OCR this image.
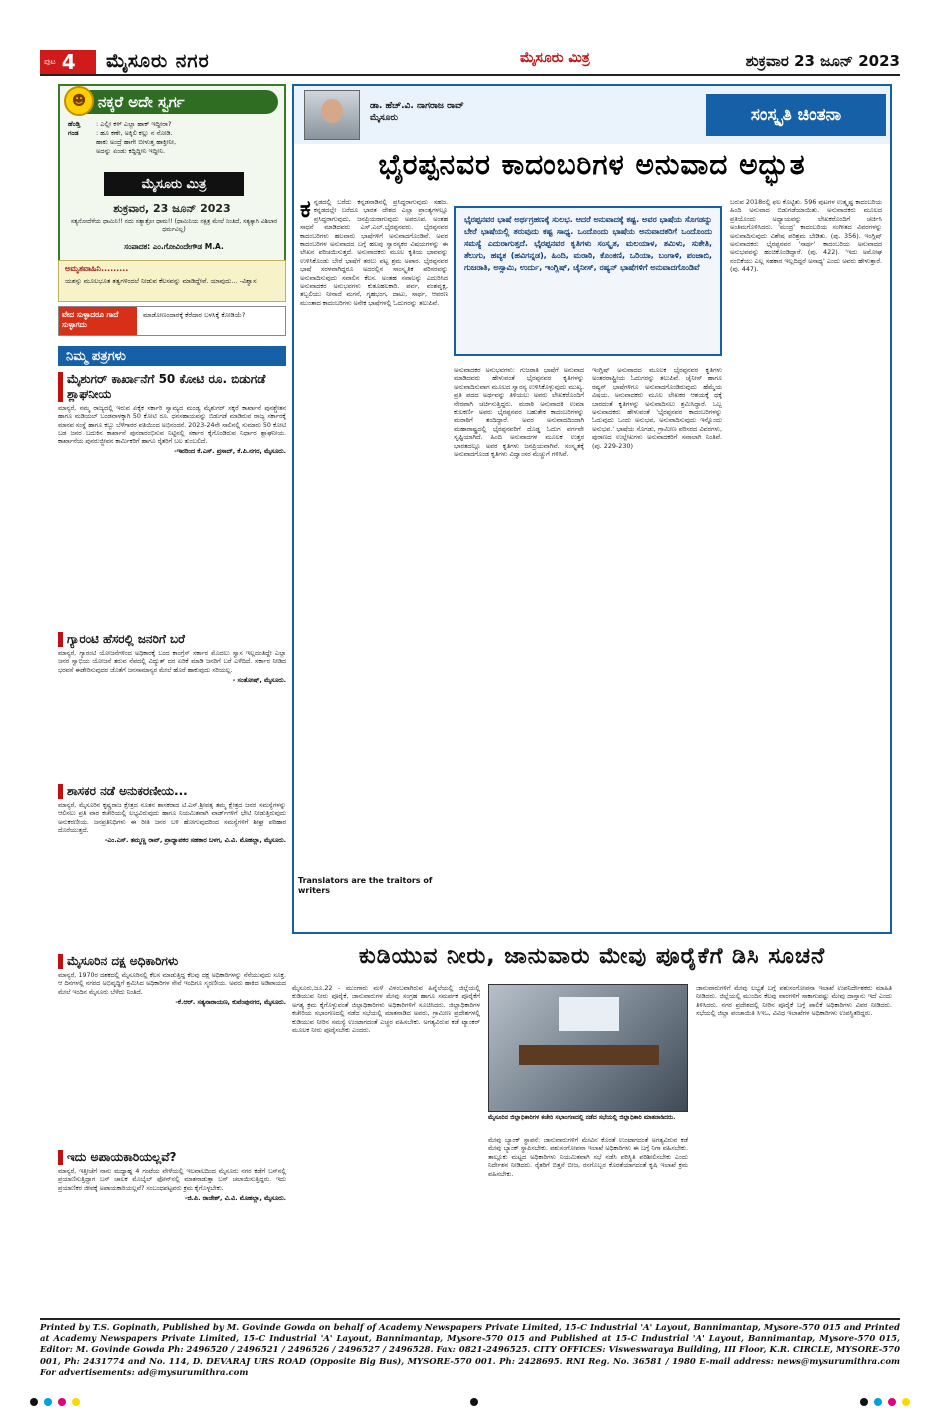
ಪುಟ 4 ಮೈಸೂರು ನಗರ	ಮೈಸೂರು ಮಿತ್ರ	ಶುಕ್ರವಾರ 23 ಜೂನ್ 2023
☻ ನಕ್ಕರೆ ಅದೇ ಸ್ವರ್ಗ
ಹೆಂಡ್ತಿ	: ಎಲ್ಲೀ ಕಳ್ ಎಲ್ಲಾ ಹಾಕ್ ಇದ್ದೀರಾ?
ಗಂಡ	: ಹೂ ಕಣೇ, ಅಕ್ಕಿಲಿ ಕಲ್ಲು ನ ನೋಡಿ.
ಹಾಕು ಅಂದ್ರೆ ಹಾಗೇ ಬೀಳುತ್ತ ಹಾಕ್ತೀನೀ,
ಅದನ್ನು ಏಂಡು ಕದ್ದಿದ್ದೀನಿ ಇದ್ದೀನಿ.
ಮೈಸೂರು ಮಿತ್ರ
ಶುಕ್ರವಾರ, 23 ಜೂನ್ 2023
ಸತ್ಯನೋದೆಳೆಯ ಧಾಮಿನಿ!! ನದು ಸತ್ಯಾತ್ರೋ ಧಾಮ!! (ಧಾಮಿನಿಯ ನಕ್ಷತ್ರ ಮೇಲೆ ನಿಂತಿದೆ, ಸತ್ಯಕ್ಕಾಗಿ ವಿಶಿಲಾರ ಧರ್ಮವಿಲ್ಲ)
ಸಂಪಾದಕ: ಎಂ.ಗೋವಿಂದೇಗೌಡ M.A.
ಅಮೃತವಾಹಿನಿ.........
ಯಶಸ್ಸು ಮೂಲಭೂತ ತತ್ವಗಳಿಂದಲೆ ನೀಡುವ ಕೆಲಸವನ್ನು ಮಾಡಿದ್ದೇವೆ. ಯಾವುದು... -ವಿಶ್ವಾಸ
ವೇದ ಸುಳ್ಳಾದರೂ ಗಾದೆ ಸುಳ್ಳಾಗದು
ಮಾಡೋಣಂದಾರಕ್ಕೆ ಕೆರೆದಾರ ಬಳಸಿಕ್ಕೆ ಕೋಡಿಯೆ?
ನಿಮ್ಮ ಪತ್ರಗಳು
ಮೈಶುಗರ್ ಕಾರ್ಖಾನೆಗೆ 50 ಕೋಟಿ ರೂ. ಬಿಡುಗಡೆ ಶ್ಲಾಘನೀಯ
ಮಾನ್ಯರೆ, ನಮ್ಮ ರಾಜ್ಯದಲ್ಲಿ ಇರುವ ಏಕೈಕ ಸರ್ಕಾರಿ ಸ್ವಾಮ್ಯದ ಮಂಡ್ಯ ಮೈಶುಗರ್ ಸಕ್ಕರೆ ಕಾರ್ಖಾನೆ ಪುನಶ್ಚೇತನ ಹಾಗೂ ಮಡಿಯಲ್ ಬಂಡವಾಳಕ್ಕಾಗಿ 50 ಕೋಟಿ ರೂ. ಧನಸಹಾಯವನ್ನು ಬಿಡುಗಡೆ ಮಾಡಿರುವ ರಾಜ್ಯ ಸರ್ಕಾರಕ್ಕೆ ಮಾನವ ಸಂಸ್ಥೆ ಹಾಗೂ ಕಬ್ಬು ಬೆಳೆಗಾರರ ವತಿಯಿಂದ ಅಭಿನಂದನೆ. 2023-24ನೇ ಸಾಲಿನಲ್ಲಿ ಸುಮಾರು 50 ಕೋಟಿ ಬಡ ಜನರ ಬದುಕಿನ ಕಾರ್ಖಾನೆ ಪುನರಾರಂಭಿಸುವ ನಿಟ್ಟಿನಲ್ಲಿ ಸರ್ಕಾರ ಕೈಗೊಂಡಿರುವ ನಿರ್ಧಾರ ಶ್ಲಾಘನೀಯ. ಕಾರ್ಖಾನೆಯ ಪುನರುಜ್ಜೀವನ ಕಾರ್ಮಿಕರಿಗೆ ಹಾಗೂ ರೈತರಿಗೆ ಬಲ ತುಂಬಲಿದೆ.
-ಇವರಿಂದ ಕೆ.ಎಸ್. ಪ್ರಸಾದ್, ಕೆ.ಪಿ.ನಗರ, ಮೈಸೂರು.
ಗ್ಯಾರಂಟಿ ಹೆಸರಲ್ಲಿ ಜನರಿಗೆ ಬರೆ
ಮಾನ್ಯರೆ, ಗ್ಯಾರಂಟಿ ಯೋಜನೆಗಳಿಂದ ಅಧಿಕಾರಕ್ಕೆ ಬಂದ ಕಾಂಗ್ರೆಸ್ ಸರ್ಕಾರ ಮೊದಲು ಸ್ವಾಸ ಇಲ್ಲದಂತಿದ್ದೇ ಎಲ್ಲಾ ಜನರ ಸ್ವಾಭಿಯ ಯೋಜನೆ ತರುವ ನೆಪದಲ್ಲಿ ವಿದ್ಯುತ್ ದರ ಏರಿಕೆ ಮಾಡಿ ಜನರಿಗೆ ಬರೆ ಎಳೆದಿದೆ. ಸರ್ಕಾರ ನೀಡಿದ ಭರವಸೆ ಈಡೇರಿಸುವುದರ ಜೊತೆಗೆ ಜನಸಾಮಾನ್ಯರ ಮೇಲೆ ಹೊರೆ ಹಾಕುವುದು ಸರಿಯಲ್ಲ.
- ಸಂತೋಷ್, ಮೈಸೂರು.
ಶಾಸಕರ ನಡೆ ಅನುಕರಣೀಯ...
ಮಾನ್ಯರೆ, ಮೈಸೂರಿನ ಕೃಷ್ಣರಾಜ ಕ್ಷೇತ್ರದ ನೂತನ ಶಾಸಕರಾದ ಟಿ.ಎಸ್.ಶ್ರೀವತ್ಸ ತಮ್ಮ ಕ್ಷೇತ್ರದ ಜನರ ಸಮಸ್ಯೆಗಳನ್ನು ಆಲಿಸಲು ಪ್ರತಿ ವಾರ ಕಚೇರಿಯಲ್ಲಿ ಲಭ್ಯವಿರುವುದು ಹಾಗೂ ನಿಯಮಿತವಾಗಿ ವಾರ್ಡ್‌ಗಳಿಗೆ ಭೇಟಿ ನೀಡುತ್ತಿರುವುದು ಅನುಕರಣೀಯ. ಜನಪ್ರತಿನಿಧಿಗಳು ಈ ರೀತಿ ಜನರ ಬಳಿ ಹೋಗುವುದರಿಂದ ಸಮಸ್ಯೆಗಳಿಗೆ ಶೀಘ್ರ ಪರಿಹಾರ ದೊರೆಯುತ್ತದೆ.
-ಎಂ.ಎಸ್. ತಮ್ಮಣ್ಣ ರಾವ್, ಪ್ರಾಧ್ಯಾಪಕರ ಸಹಕಾರ ಬಳಗ, ವಿ.ವಿ. ಮೊಹಲ್ಲಾ, ಮೈಸೂರು.
ಮೈಸೂರಿನ ದಕ್ಷ ಅಧಿಕಾರಿಗಳು
ಮಾನ್ಯರೆ, 1970ರ ದಶಕದಲ್ಲಿ ಮೈಸೂರಿನಲ್ಲಿ ಕೆಲಸ ಮಾಡುತ್ತಿದ್ದ ಕೆಲವು ದಕ್ಷ ಅಧಿಕಾರಿಗಳನ್ನು ನೆನೆಯುವುದು ಸೂಕ್ತ. ಆ ದಿನಗಳಲ್ಲಿ ನಗರದ ಅಭಿವೃದ್ಧಿಗೆ ಶ್ರಮಿಸಿದ ಅಧಿಕಾರಿಗಳ ಸೇವೆ ಇಂದಿಗೂ ಸ್ಮರಣೀಯ. ಅವರು ಹಾಕಿದ ಅಡಿಪಾಯದ ಮೇಲೆ ಇಂದಿನ ಮೈಸೂರು ಬೆಳೆದು ನಿಂತಿದೆ.
-ಕೆ.ಆರ್. ಸತ್ಯನಾರಾಯಣ, ಕುವೆಂಪುನಗರ, ಮೈಸೂರು.
ಇದು ಅಪಾಯಕಾರಿಯಲ್ಲವೆ?
ಮಾನ್ಯರೆ, ಇತ್ತೀಚೆಗೆ ನಾನು ಮಧ್ಯಾಹ್ನ 4 ಗಂಟೆಯ ವೇಳೆಯಲ್ಲಿ ಇಲವಾಲದಿಂದ ಮೈಸೂರು ನಗರ ಕಡೆಗೆ ಬಸ್‌ನಲ್ಲಿ ಪ್ರಯಾಣಿಸುತ್ತಿದ್ದಾಗ ಬಸ್ ಚಾಲಕ ಮೊಬೈಲ್ ಫೋನ್‌ನಲ್ಲಿ ಮಾತನಾಡುತ್ತಾ ಬಸ್ ಚಲಾಯಿಸುತ್ತಿದ್ದರು. ಇದು ಪ್ರಯಾಣಿಕರ ಜೀವಕ್ಕೆ ಅಪಾಯಕಾರಿಯಲ್ಲವೆ? ಸಂಬಂಧಪಟ್ಟವರು ಕ್ರಮ ಕೈಗೊಳ್ಳಬೇಕು.
-ಜಿ.ಪಿ. ರಾಜೇಶ್, ವಿ.ವಿ. ಮೊಹಲ್ಲಾ, ಮೈಸೂರು.
ಡಾ. ಹೆಚ್.ವಿ. ನಾಗರಾಜ ರಾವ್
ಮೈಸೂರು	ಸಂಸ್ಕೃತಿ ಚಿಂತನಾ
ಭೈರಪ್ಪನವರ ಕಾದಂಬರಿಗಳ ಅನುವಾದ ಅದ್ಭುತ
ಕನ್ನಡದಲ್ಲಿ ಬರೆದು ಕನ್ನಡನಾಡಿನಲ್ಲಿ ಪ್ರಸಿದ್ಧರಾಗುವುದು ಸಹಜ. ಕನ್ನಡದಲ್ಲೇ ಬರೆದೂ ಭಾರತ ದೇಶದ ಎಲ್ಲಾ ಪ್ರಾಂತ್ಯಗಳಲ್ಲೂ ಪ್ರಸಿದ್ಧರಾಗುವುದು, ಜನಪ್ರಿಯರಾಗುವುದು ಅಪರೂಪ. ಅಂತಹ ಸಾಧನೆ ಮಾಡಿದವರು ಎಸ್.ಎಲ್.ಭೈರಪ್ಪನವರು. ಭೈರಪ್ಪನವರ ಕಾದಂಬರಿಗಳು ಹಲವಾರು ಭಾಷೆಗಳಿಗೆ ಅನುವಾದಗೊಂಡಿವೆ. ಅವರ ಕಾದಂಬರಿಗಳ ಅನುವಾದದ ಬಗ್ಗೆ ಹಲವು ಸ್ವಾರಸ್ಯಕರ ವಿಷಯಗಳನ್ನು ಈ ಲೇಖನ ಪರಿಚಯಿಸುತ್ತದೆ. ಅನುವಾದಕರು ಮೂಲ ಕೃತಿಯ ಭಾವವನ್ನು ಉಳಿಸಿಕೊಂಡು ಬೇರೆ ಭಾಷೆಗೆ ತರಲು ಪಟ್ಟ ಶ್ರಮ ಅಪಾರ. ಭೈರಪ್ಪನವರ ಭಾಷೆ ಸರಳವಾಗಿದ್ದರೂ ಅದರಲ್ಲಿನ ಸಾಂಸ್ಕೃತಿಕ ಪರಿಸರವನ್ನು ಅನುವಾದಿಸುವುದು ಸವಾಲಿನ ಕೆಲಸ. ಅಂತಹ ಸವಾಲನ್ನು ಎದುರಿಸಿದ ಅನುವಾದಕರ ಅನುಭವಗಳು ಕುತೂಹಲಕಾರಿ. ಪರ್ವ, ವಂಶವೃಕ್ಷ, ತಬ್ಬಲಿಯು ನೀನಾದೆ ಮಗನೆ, ಗೃಹಭಂಗ, ದಾಟು, ಸಾರ್ಥ, ಆವರಣ ಮುಂತಾದ ಕಾದಂಬರಿಗಳು ಅನೇಕ ಭಾಷೆಗಳಲ್ಲಿ ಓದುಗರನ್ನು ತಲುಪಿವೆ.
ಭೈರಪ್ಪನವರ ಭಾಷೆ ಅರ್ಥಗ್ರಹಣಕ್ಕೆ ಸುಲಭ. ಆದರೆ ಅನುವಾದಕ್ಕೆ ಕಷ್ಟ. ಅವರ ಭಾಷೆಯ ಸೊಗಡನ್ನು ಬೇರೆ ಭಾಷೆಯಲ್ಲಿ ತರುವುದು ಕಷ್ಟ ಸಾಧ್ಯ. ಒಂದೊಂದು ಭಾಷೆಯ ಅನುವಾದಕರಿಗೆ ಒಂದೊಂದು ಸಮಸ್ಯೆ ಎದುರಾಗುತ್ತದೆ. ಭೈರಪ್ಪನವರ ಕೃತಿಗಳು ಸಂಸ್ಕೃತ, ಮಲಯಾಳ, ತಮಿಳು, ಸುಕೇತಿ, ತೆಲುಗು, ಹವ್ಯಕ (ಹವಿಗನ್ನಡ), ಹಿಂದಿ, ಮರಾಠಿ, ಕೊಂಕಣಿ, ಒರಿಯಾ, ಬಂಗಾಳಿ, ಪಂಜಾಬಿ, ಗುಜರಾತಿ, ಅಸ್ಸಾಮಿ, ಉರ್ದು, ಇಂಗ್ಲಿಷ್, ಚೈನೀಸ್, ರಷ್ಯನ್ ಭಾಷೆಗಳಿಗೆ ಅನುವಾದಗೊಂಡಿವೆ
ಅನುವಾದಕರ ಅನುಭವಗಳು: ಗುಜರಾತಿ ಭಾಷೆಗೆ ಅನುವಾದ ಮಾಡಿದವರು ಹೇಳುವಂತೆ ಭೈರಪ್ಪನವರ ಕೃತಿಗಳನ್ನು ಅನುವಾದಿಸುವಾಗ ಮೂಲದ ಸ್ವಾರಸ್ಯ ಉಳಿಸಿಕೊಳ್ಳುವುದು ಮುಖ್ಯ. ಪ್ರತಿ ಪದದ ಅರ್ಥವನ್ನು ತಿಳಿಯಲು ಅವರು ಲೇಖಕರೊಂದಿಗೆ ನೇರವಾಗಿ ಚರ್ಚಿಸುತ್ತಿದ್ದರು. ಮರಾಠಿ ಅನುವಾದಕಿ ಉಮಾ ಕುಲಕರ್ಣಿ ಅವರು ಭೈರಪ್ಪನವರ ಬಹುತೇಕ ಕಾದಂಬರಿಗಳನ್ನು ಮರಾಠಿಗೆ ತಂದಿದ್ದಾರೆ. ಅವರ ಅನುವಾದದಿಂದಾಗಿ ಮಹಾರಾಷ್ಟ್ರದಲ್ಲಿ ಭೈರಪ್ಪನವರಿಗೆ ದೊಡ್ಡ ಓದುಗ ವರ್ಗವೇ ಸೃಷ್ಟಿಯಾಗಿದೆ. ಹಿಂದಿ ಅನುವಾದಗಳ ಮೂಲಕ ಉತ್ತರ ಭಾರತದಲ್ಲೂ ಅವರ ಕೃತಿಗಳು ಜನಪ್ರಿಯವಾಗಿವೆ. ಸಂಸ್ಕೃತಕ್ಕೆ ಅನುವಾದಗೊಂಡ ಕೃತಿಗಳು ವಿದ್ವಾಂಸರ ಮೆಚ್ಚುಗೆ ಗಳಿಸಿವೆ.
ಇಂಗ್ಲಿಷ್ ಅನುವಾದದ ಮೂಲಕ ಭೈರಪ್ಪನವರ ಕೃತಿಗಳು ಅಂತರರಾಷ್ಟ್ರೀಯ ಓದುಗರನ್ನು ತಲುಪಿವೆ. ಚೈನೀಸ್ ಹಾಗೂ ರಷ್ಯನ್ ಭಾಷೆಗಳಿಗೂ ಅನುವಾದಗೊಂಡಿರುವುದು ಹೆಮ್ಮೆಯ ವಿಷಯ. ಅನುವಾದಕರು ಮೂಲ ಲೇಖಕರ ಆಶಯಕ್ಕೆ ಧಕ್ಕೆ ಬಾರದಂತೆ ಕೃತಿಗಳನ್ನು ಅನುವಾದಿಸಲು ಶ್ರಮಿಸಿದ್ದಾರೆ. ಒಬ್ಬ ಅನುವಾದಕರು ಹೇಳುವಂತೆ 'ಭೈರಪ್ಪನವರ ಕಾದಂಬರಿಗಳನ್ನು ಓದುವುದು ಒಂದು ಅನುಭವ, ಅನುವಾದಿಸುವುದು ಇನ್ನೊಂದು ಅನುಭವ.' ಭಾಷೆಯ ಸೊಗಡು, ಗ್ರಾಮೀಣ ಪರಿಸರದ ವಿವರಗಳು, ಪುರಾಣದ ಉಲ್ಲೇಖಗಳು ಅನುವಾದಕರಿಗೆ ಸವಾಲಾಗಿ ನಿಂತಿವೆ. (ಪು. 229-230)
ಬರುವ 2018ರಲ್ಲಿ ಫಲ ಕೊಟ್ಟಿತು. 596 ಪುಟಗಳ ಉತ್ಕೃಷ್ಟ ಕಾದಂಬರಿಯ ಹಿಂದಿ ಅನುವಾದ ಬಿಡುಗಡೆಯಾಯಿತು. ಅನುವಾದಕರು ಮೂಲದ ಪ್ರತಿಯೊಂದು ಅಧ್ಯಾಯವನ್ನು ಲೇಖಕರೊಂದಿಗೆ ಚರ್ಚಿಸಿ ಅಂತಿಮಗೊಳಿಸಿದರು. 'ಮಂದ್ರ' ಕಾದಂಬರಿಯ ಸಂಗೀತದ ವಿವರಗಳನ್ನು ಅನುವಾದಿಸುವುದು ವಿಶೇಷ ಪರಿಶ್ರಮ ಬೇಡಿತು. (ಪು. 356). ಇಂಗ್ಲಿಷ್ ಅನುವಾದಕರು ಭೈರಪ್ಪನವರ 'ಸಾರ್ಥ' ಕಾದಂಬರಿಯ ಅನುವಾದದ ಅನುಭವವನ್ನು ಹಂಚಿಕೊಂಡಿದ್ದಾರೆ. (ಪು. 422). 'ಇದು ಅಮೋಘ ನಂಬಿಕೆಯು ಎಲ್ಲ ಸಹಕಾರ ಇಲ್ಲದಿದ್ದರೆ ಅಸಾಧ್ಯ' ಎಂದು ಅವರು ಹೇಳುತ್ತಾರೆ. (ಪು. 447).
Translators are the traitors of writers
ಕುಡಿಯುವ ನೀರು, ಜಾನುವಾರು ಮೇವು ಪೂರೈಕೆಗೆ ಡಿಸಿ ಸೂಚನೆ
ಮೈಸೂರು,ಜೂ.22 - ಮುಂಗಾರು ಮಳೆ ವಿಳಂಬವಾಗಿರುವ ಹಿನ್ನೆಲೆಯಲ್ಲಿ ಜಿಲ್ಲೆಯಲ್ಲಿ ಕುಡಿಯುವ ನೀರು ಪೂರೈಕೆ, ಜಾನುವಾರುಗಳ ಮೇವು ಸಂಗ್ರಹ ಹಾಗೂ ಸಮರ್ಪಕ ಪೂರೈಕೆಗೆ ಅಗತ್ಯ ಕ್ರಮ ಕೈಗೊಳ್ಳುವಂತೆ ಜಿಲ್ಲಾಧಿಕಾರಿಗಳು ಅಧಿಕಾರಿಗಳಿಗೆ ಸೂಚಿಸಿದರು. ಜಿಲ್ಲಾಧಿಕಾರಿಗಳ ಕಚೇರಿಯ ಸಭಾಂಗಣದಲ್ಲಿ ನಡೆದ ಸಭೆಯಲ್ಲಿ ಮಾತನಾಡಿದ ಅವರು, ಗ್ರಾಮೀಣ ಪ್ರದೇಶಗಳಲ್ಲಿ ಕುಡಿಯುವ ನೀರಿನ ಸಮಸ್ಯೆ ಉಂಟಾಗದಂತೆ ಎಚ್ಚರ ವಹಿಸಬೇಕು. ಅಗತ್ಯವಿರುವ ಕಡೆ ಟ್ಯಾಂಕರ್ ಮೂಲಕ ನೀರು ಪೂರೈಸಬೇಕು ಎಂದರು.
ಮೈಸೂರಿನ ಜಿಲ್ಲಾಧಿಕಾರಿಗಳ ಕಚೇರಿ ಸಭಾಂಗಣದಲ್ಲಿ ನಡೆದ ಸಭೆಯಲ್ಲಿ ಜಿಲ್ಲಾಧಿಕಾರಿ ಮಾತನಾಡಿದರು.
ಮೇವು ಬ್ಯಾಂಕ್ ಸ್ಥಾಪನೆ: ಜಾನುವಾರುಗಳಿಗೆ ಮೇವಿನ ಕೊರತೆ ಉಂಟಾಗದಂತೆ ಅಗತ್ಯವಿರುವ ಕಡೆ ಮೇವು ಬ್ಯಾಂಕ್ ಸ್ಥಾಪಿಸಬೇಕು. ಪಶುಸಂಗೋಪನಾ ಇಲಾಖೆ ಅಧಿಕಾರಿಗಳು ಈ ಬಗ್ಗೆ ನಿಗಾ ವಹಿಸಬೇಕು. ತಾಲ್ಲೂಕು ಮಟ್ಟದ ಅಧಿಕಾರಿಗಳು ನಿಯಮಿತವಾಗಿ ಸಭೆ ನಡೆಸಿ ಪರಿಸ್ಥಿತಿ ಪರಿಶೀಲಿಸಬೇಕು ಎಂದು ನಿರ್ದೇಶನ ನೀಡಿದರು. ರೈತರಿಗೆ ಬಿತ್ತನೆ ಬೀಜ, ರಸಗೊಬ್ಬರ ಕೊರತೆಯಾಗದಂತೆ ಕೃಷಿ ಇಲಾಖೆ ಕ್ರಮ ವಹಿಸಬೇಕು.
ಜಾನುವಾರುಗಳಿಗೆ ಮೇವು ಲಭ್ಯತೆ ಬಗ್ಗೆ ಪಶುಸಂಗೋಪನಾ ಇಲಾಖೆ ಉಪನಿರ್ದೇಶಕರು ಮಾಹಿತಿ ನೀಡಿದರು. ಜಿಲ್ಲೆಯಲ್ಲಿ ಮುಂದಿನ ಕೆಲವು ವಾರಗಳಿಗೆ ಸಾಕಾಗುವಷ್ಟು ಮೇವು ದಾಸ್ತಾನು ಇದೆ ಎಂದು ತಿಳಿಸಿದರು. ನಗರ ಪ್ರದೇಶದಲ್ಲಿ ನೀರಿನ ಪೂರೈಕೆ ಬಗ್ಗೆ ಪಾಲಿಕೆ ಅಧಿಕಾರಿಗಳು ವಿವರ ನೀಡಿದರು. ಸಭೆಯಲ್ಲಿ ಜಿಲ್ಲಾ ಪಂಚಾಯಿತಿ ಸಿಇಒ, ವಿವಿಧ ಇಲಾಖೆಗಳ ಅಧಿಕಾರಿಗಳು ಉಪಸ್ಥಿತರಿದ್ದರು.
Printed by T.S. Gopinath, Published by M. Govinde Gowda on behalf of Academy Newspapers Private Limited, 15-C Industrial 'A' Layout, Bannimantap, Mysore-570 015 and Printed at Academy Newspapers Private Limited, 15-C Industrial 'A' Layout, Bannimantap, Mysore-570 015 and Published at 15-C Industrial 'A' Layout, Bannimantap, Mysore-570 015, Editor: M. Govinde Gowda Ph: 2496520 / 2496521 / 2496526 / 2496527 / 2496528. Fax: 0821-2496525. CITY OFFICES: Visweswaraya Building, III Floor, K.R. CIRCLE, MYSORE-570 001, Ph: 2431774 and No. 114, D. DEVARAJ URS ROAD (Opposite Big Bus), MYSORE-570 001. Ph: 2428695. RNI Reg. No. 36581 / 1980 E-mail address: news@mysurumithra.com For advertisements: ad@mysurumithra.com
